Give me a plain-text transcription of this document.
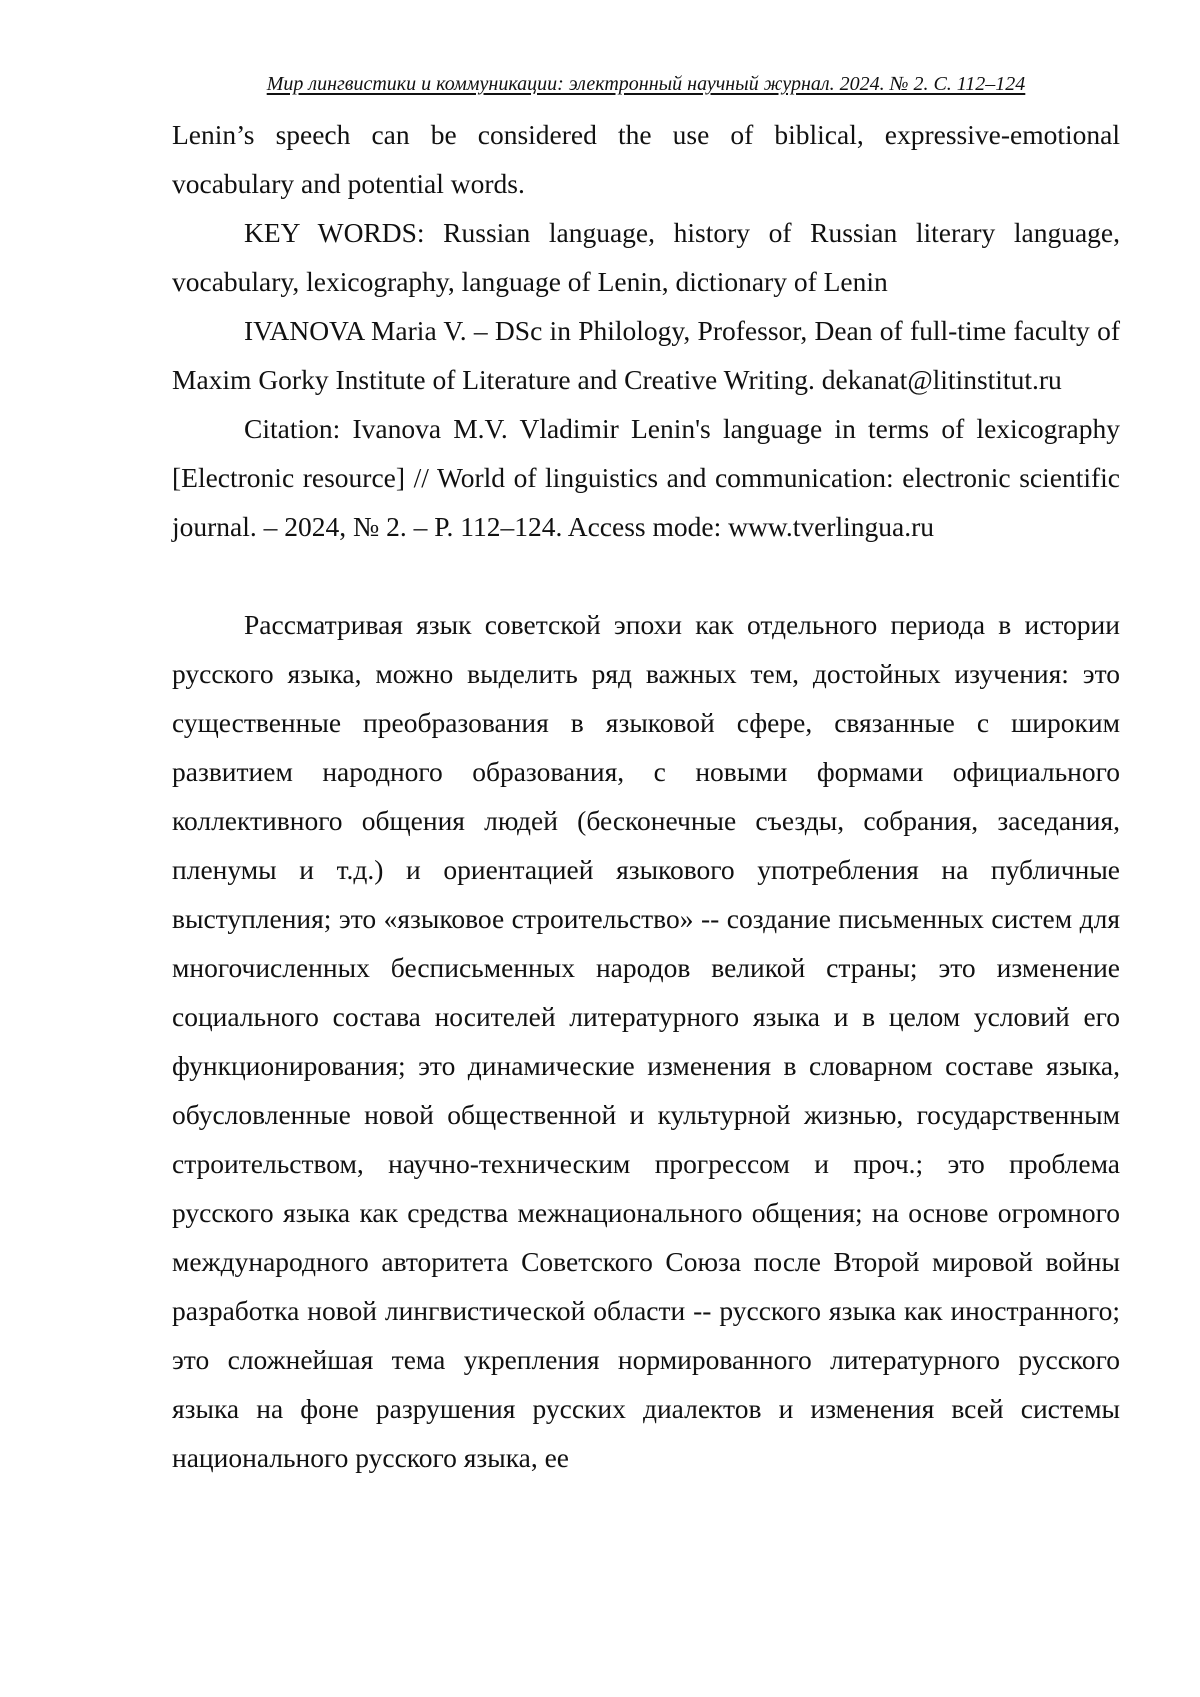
Мир лингвистики и коммуникации: электронный научный журнал. 2024. № 2. С. 112–124

Lenin’s speech can be considered the use of biblical, expressive-emotional vocabulary and potential words.

KEY WORDS: Russian language, history of Russian literary language, vocabulary, lexicography, language of Lenin, dictionary of Lenin

IVANOVA Maria V. – DSc in Philology, Professor, Dean of full-time faculty of Maxim Gorky Institute of Literature and Creative Writing. dekanat@litinstitut.ru

Citation: Ivanova M.V. Vladimir Lenin's language in terms of lexicography [Electronic resource] // World of linguistics and communication: electronic scientific journal. – 2024, № 2. – P. 112–124. Access mode: www.tverlingua.ru

Рассматривая язык советской эпохи как отдельного периода в истории русского языка, можно выделить ряд важных тем, достойных изучения: это существенные преобразования в языковой сфере, связанные с широким развитием народного образования, с новыми формами официального коллективного общения людей (бесконечные съезды, собрания, заседания, пленумы и т.д.) и ориентацией языкового употребления на публичные выступления; это «языковое строительство» -- создание письменных систем для многочисленных бесписьменных народов великой страны; это изменение социального состава носителей литературного языка и в целом условий его функционирования; это динамические изменения в словарном составе языка, обусловленные новой общественной и культурной жизнью, государственным строительством, научно-техническим прогрессом и проч.; это проблема русского языка как средства межнационального общения; на основе огромного международного авторитета Советского Союза после Второй мировой войны разработка новой лингвистической области -- русского языка как иностранного; это сложнейшая тема укрепления нормированного литературного русского языка на фоне разрушения русских диалектов и изменения всей системы национального русского языка, ее
